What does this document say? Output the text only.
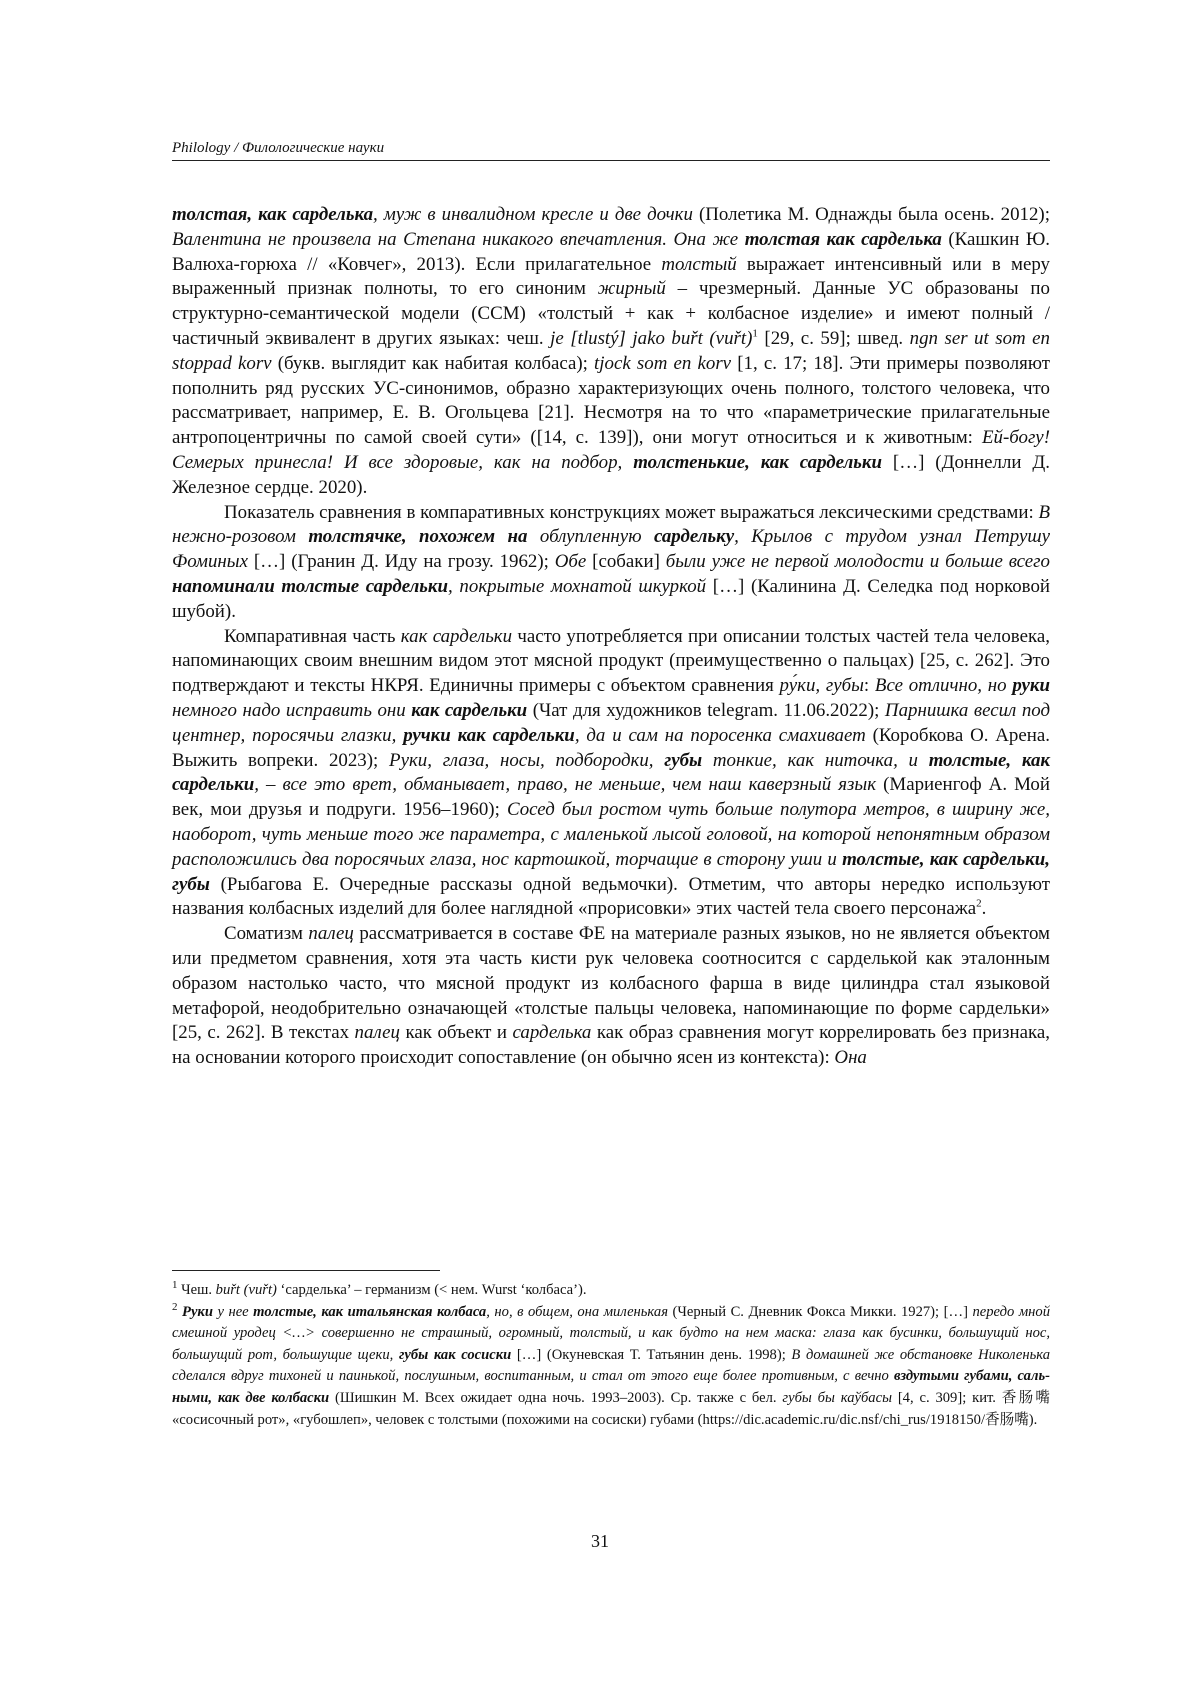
Philology / Филологические науки

толстая, как сарделька, муж в инвалидном кресле и две дочки (Полетика М. Однажды была осень. 2012); Валентина не произвела на Степана никакого впечатления. Она же толстая как сарделька (Кашкин Ю. Валюха-горюха // «Ковчег», 2013). Если прилагательное толстый выражает интенсивный или в меру выраженный признак полноты, то его синоним жирный – чрезмерный. Данные УС образованы по структурно-семантической модели (ССМ) «толстый + как + колбасное изделие» и имеют полный / частичный эквивалент в других языках: чеш. je [tlustý] jako buřt (vuřt)$^1$ [29, с. 59]; швед. ngn ser ut som en stoppad korv (букв. выглядит как набитая колбаса); tjock som en korv [1, с. 17; 18]. Эти примеры позволяют пополнить ряд русских УС-синонимов, образно характеризующих очень полного, толстого человека, что рассматривает, например, Е. В. Огольцева [21]. Несмотря на то что «параметрические прилагательные антропоцентричны по самой своей сути» ([14, с. 139]), они могут относиться и к животным: Ей-богу! Семерых принесла! И все здоровые, как на подбор, толстенькие, как сардельки […] (Доннелли Д. Железное сердце. 2020).

Показатель сравнения в компаративных конструкциях может выражаться лексическими средствами: В нежно-розовом толстячке, похожем на облупленную сардельку, Крылов с трудом узнал Петрушу Фоминых […] (Гранин Д. Иду на грозу. 1962); Обе [собаки] были уже не первой молодости и больше всего напоминали толстые сардельки, покрытые мохнатой шкуркой […] (Калинина Д. Селедка под норковой шубой).

Компаративная часть как сардельки часто употребляется при описании толстых частей тела человека, напоминающих своим внешним видом этот мясной продукт (преимущественно о пальцах) [25, с. 262]. Это подтверждают и тексты НКРЯ. Единичны примеры с объектом сравнения ру́ки, губы: Все отлично, но руки немного надо исправить они как сардельки (Чат для художников telegram. 11.06.2022); Парнишка весил под центнер, поросячьи глазки, ручки как сардельки, да и сам на поросенка смахивает (Коробкова О. Арена. Выжить вопреки. 2023); Руки, глаза, носы, подбородки, губы тонкие, как ниточка, и толстые, как сардельки, – все это врет, обманывает, право, не меньше, чем наш каверзный язык (Мариенгоф А. Мой век, мои друзья и подруги. 1956–1960); Сосед был ростом чуть больше полутора метров, в ширину же, наоборот, чуть меньше того же параметра, с маленькой лысой головой, на которой непонятным образом расположились два поросячьих глаза, нос картошкой, торчащие в сторону уши и толстые, как сардельки, губы (Рыбагова Е. Очередные рассказы одной ведьмочки). Отметим, что авторы нередко используют названия колбасных изделий для более наглядной «прорисовки» этих частей тела своего персонажа$^2$.

Соматизм палец рассматривается в составе ФЕ на материале разных языков, но не является объектом или предметом сравнения, хотя эта часть кисти рук человека соотносится с сарделькой как эталонным образом настолько часто, что мясной продукт из колбасного фарша в виде цилиндра стал языковой метафорой, неодобрительно означающей «толстые пальцы человека, напоминающие по форме сардельки» [25, с. 262]. В текстах палец как объект и сарделька как образ сравнения могут коррелировать без признака, на основании которого происходит сопоставление (он обычно ясен из контекста): Она

$^1$ Чеш. buřt (vuřt) ‘сарделька’ – германизм (< нем. Wurst ‘колбаса’).

$^2$ Руки у нее толстые, как итальянская колбаса, но, в общем, она миленькая (Черный С. Дневник Фокса Микки. 1927); […] передо мной смешной уродец <…> совершенно не страшный, огромный, толстый, и как будто на нем маска: глаза как бусинки, большущий нос, большущий рот, большущие щеки, губы как сосиски […] (Окуневская Т. Татьянин день. 1998); В домашней же обстановке Николенька сделался вдруг тихоней и паинькой, послушным, воспитанным, и стал от этого еще более противным, с вечно вздутыми губами, сальными, как две колбаски (Шишкин М. Всех ожидает одна ночь. 1993–2003). Ср. также с бел. губы бы каўбасы [4, с. 309]; кит. 香肠嘴 «сосисочный рот», «губошлеп», человек с толстыми (похожими на сосиски) губами (https://dic.academic.ru/dic.nsf/chi_rus/1918150/香肠嘴).

31
